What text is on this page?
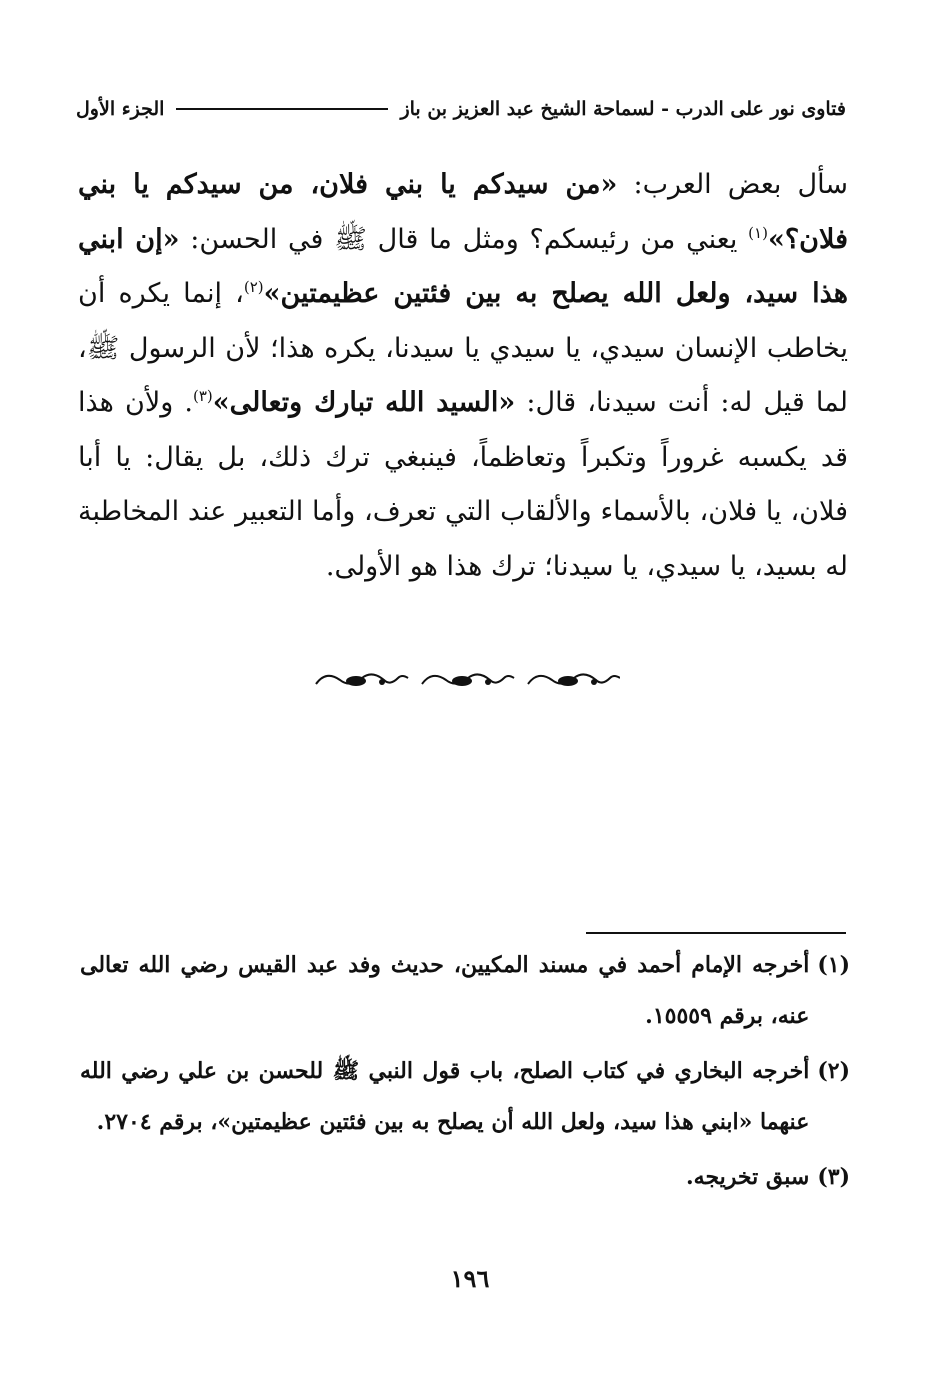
فتاوى نور على الدرب - لسماحة الشيخ عبد العزيز بن باز
الجزء الأول
سأل بعض العرب: «من سيدكم يا بني فلان، من سيدكم يا بني فلان؟»$^{(١)}$ يعني من رئيسكم؟ ومثل ما قال ﷺ في الحسن: «إن ابني هذا سيد، ولعل الله يصلح به بين فئتين عظيمتين»$^{(٢)}$، إنما يكره أن يخاطب الإنسان سيدي، يا سيدي يا سيدنا، يكره هذا؛ لأن الرسول ﷺ، لما قيل له: أنت سيدنا، قال: «السيد الله تبارك وتعالى»$^{(٣)}$. ولأن هذا قد يكسبه غروراً وتكبراً وتعاظماً، فينبغي ترك ذلك، بل يقال: يا أبا فلان، يا فلان، بالأسماء والألقاب التي تعرف، وأما التعبير عند المخاطبة له بسيد، يا سيدي، يا سيدنا؛ ترك هذا هو الأولى.
(١)
أخرجه الإمام أحمد في مسند المكيين، حديث وفد عبد القيس رضي الله تعالى عنه، برقم ١٥٥٥٩.
(٢)
أخرجه البخاري في كتاب الصلح، باب قول النبي ﷺ للحسن بن علي رضي الله عنهما «ابني هذا سيد، ولعل الله أن يصلح به بين فئتين عظيمتين»، برقم ٢٧٠٤.
(٣)
سبق تخريجه.
١٩٦
